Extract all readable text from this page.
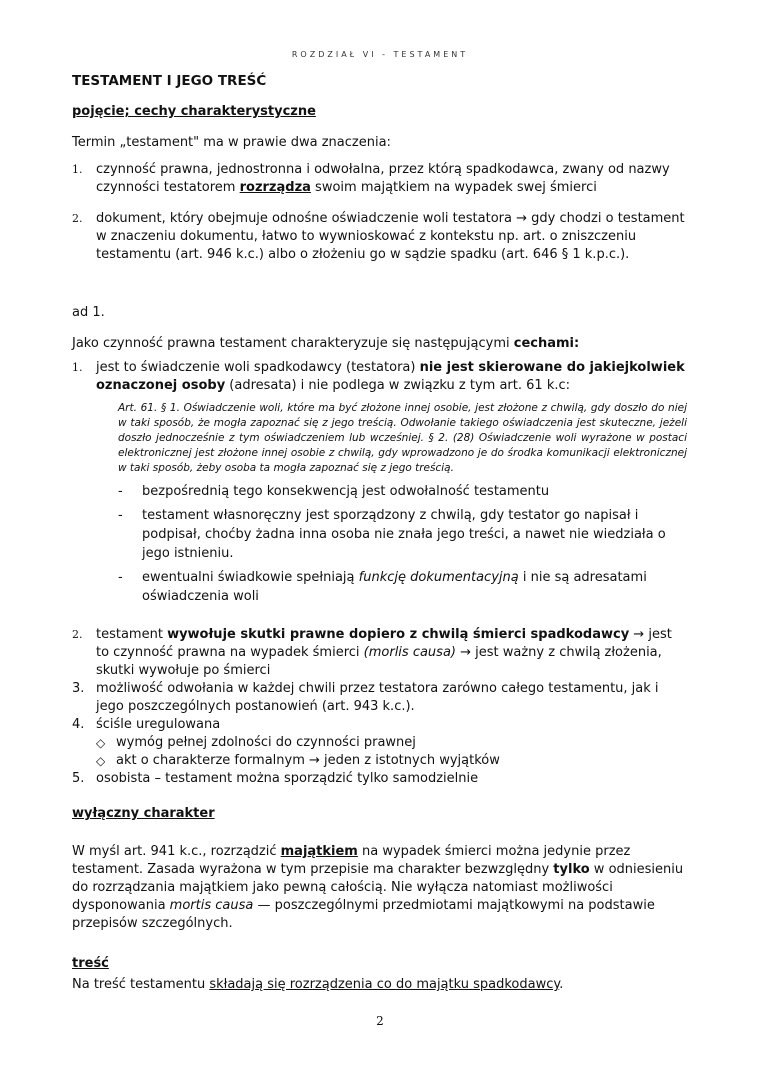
ROZDZIAŁ VI - TESTAMENT

TESTAMENT I JEGO TREŚĆ

pojęcie; cechy charakterystyczne

Termin „testament" ma w prawie dwa znaczenia:

1. czynność prawna, jednostronna i odwołalna, przez którą spadkodawca, zwany od nazwy czynności testatorem rozrządza swoim majątkiem na wypadek swej śmierci
2. dokument, który obejmuje odnośne oświadczenie woli testatora → gdy chodzi o testament w znaczeniu dokumentu, łatwo to wywnioskować z kontekstu np. art. o zniszczeniu testamentu (art. 946 k.c.) albo o złożeniu go w sądzie spadku (art. 646 § 1 k.p.c.).

ad 1.

Jako czynność prawna testament charakteryzuje się następującymi cechami:

1. jest to świadczenie woli spadkodawcy (testatora) nie jest skierowane do jakiejkolwiek oznaczonej osoby (adresata) i nie podlega w związku z tym art. 61 k.c:

Art. 61. § 1. Oświadczenie woli, które ma być złożone innej osobie, jest złożone z chwilą, gdy doszło do niej w taki sposób, że mogła zapoznać się z jego treścią. Odwołanie takiego oświadczenia jest skuteczne, jeżeli doszło jednocześnie z tym oświadczeniem lub wcześniej. § 2. (28) Oświadczenie woli wyrażone w postaci elektronicznej jest złożone innej osobie z chwilą, gdy wprowadzono je do środka komunikacji elektronicznej w taki sposób, żeby osoba ta mogła zapoznać się z jego treścią.

- bezpośrednią tego konsekwencją jest odwołalność testamentu
- testament własnoręczny jest sporządzony z chwilą, gdy testator go napisał i podpisał, choćby żadna inna osoba nie znała jego treści, a nawet nie wiedziała o jego istnieniu.
- ewentualni świadkowie spełniają funkcję dokumentacyjną i nie są adresatami oświadczenia woli
2. testament wywołuje skutki prawne dopiero z chwilą śmierci spadkodawcy → jest to czynność prawna na wypadek śmierci (morlis causa) → jest ważny z chwilą złożenia, skutki wywołuje po śmierci
3. możliwość odwołania w każdej chwili przez testatora zarówno całego testamentu, jak i jego poszczególnych postanowień (art. 943 k.c.).
4. ściśle uregulowana
◇ wymóg pełnej zdolności do czynności prawnej
◇ akt o charakterze formalnym → jeden z istotnych wyjątków
5. osobista – testament można sporządzić tylko samodzielnie

wyłączny charakter

W myśl art. 941 k.c., rozrządzić majątkiem na wypadek śmierci można jedynie przez testament. Zasada wyrażona w tym przepisie ma charakter bezwzględny tylko w odniesieniu do rozrządzania majątkiem jako pewną całością. Nie wyłącza natomiast możliwości dysponowania mortis causa — poszczególnymi przedmiotami majątkowymi na podstawie przepisów szczególnych.

treść

Na treść testamentu składają się rozrządzenia co do majątku spadkodawcy.

2
